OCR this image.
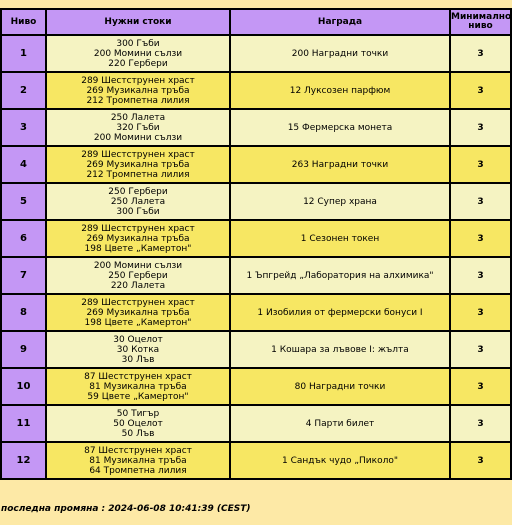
Ниво	Нужни стоки	Награда	Минимално
ниво

1	300 Гъби
200 Момини сълзи
220 Гербери	200 Наградни точки	3
2	289 Шестструнен храст
269 Музикална тръба
212 Тромпетна лилия	12 Луксозен парфюм	3
3	250 Лалета
320 Гъби
200 Момини сълзи	15 Фермерска монета	3
4	289 Шестструнен храст
269 Музикална тръба
212 Тромпетна лилия	263 Наградни точки	3
5	250 Гербери
250 Лалета
300 Гъби	12 Супер храна	3
6	289 Шестструнен храст
269 Музикална тръба
198 Цвете „Камертон"	1 Сезонен токен	3
7	200 Момини сълзи
250 Гербери
220 Лалета	1 Ъпгрейд „Лаборатория на алхимика"	3
8	289 Шестструнен храст
269 Музикална тръба
198 Цвете „Камертон"	1 Изобилия от фермерски бонуси I	3
9	30 Оцелот
30 Котка
30 Лъв	1 Кошара за лъвове I: жълта	3
10	87 Шестструнен храст
81 Музикална тръба
59 Цвете „Камертон"	80 Наградни точки	3
11	50 Тигър
50 Оцелот
50 Лъв	4 Парти билет	3
12	87 Шестструнен храст
81 Музикална тръба
64 Тромпетна лилия	1 Сандък чудо „Пиколо"	3
последна промяна : 2024-06-08 10:41:39 (CEST)
